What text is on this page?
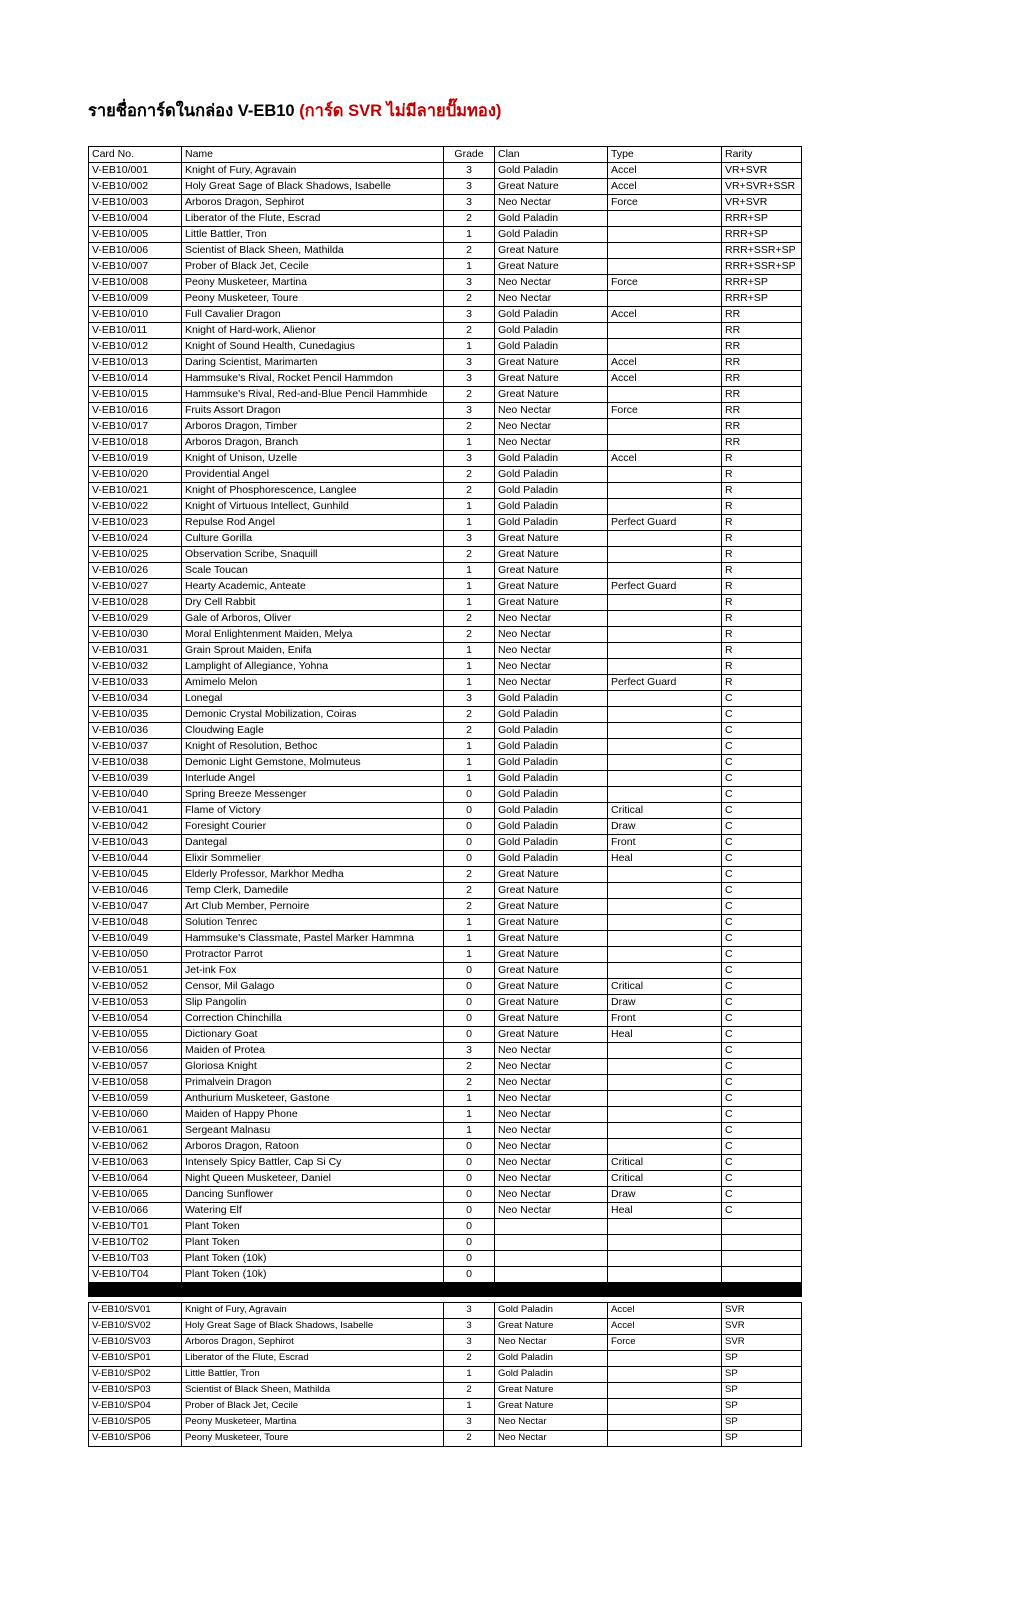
รายชื่อการ์ดในกล่อง V-EB10 (การ์ด SVR ไม่มีลายปั๊มทอง)
Card No.	Name	Grade	Clan	Type	Rarity
V-EB10/001	Knight of Fury, Agravain	3	Gold Paladin	Accel	VR+SVR
V-EB10/002	Holy Great Sage of Black Shadows, Isabelle	3	Great Nature	Accel	VR+SVR+SSR
V-EB10/003	Arboros Dragon, Sephirot	3	Neo Nectar	Force	VR+SVR
V-EB10/004	Liberator of the Flute, Escrad	2	Gold Paladin		RRR+SP
V-EB10/005	Little Battler, Tron	1	Gold Paladin		RRR+SP
V-EB10/006	Scientist of Black Sheen, Mathilda	2	Great Nature		RRR+SSR+SP
V-EB10/007	Prober of Black Jet, Cecile	1	Great Nature		RRR+SSR+SP
V-EB10/008	Peony Musketeer, Martina	3	Neo Nectar	Force	RRR+SP
V-EB10/009	Peony Musketeer, Toure	2	Neo Nectar		RRR+SP
V-EB10/010	Full Cavalier Dragon	3	Gold Paladin	Accel	RR
V-EB10/011	Knight of Hard-work, Alienor	2	Gold Paladin		RR
V-EB10/012	Knight of Sound Health, Cunedagius	1	Gold Paladin		RR
V-EB10/013	Daring Scientist, Marimarten	3	Great Nature	Accel	RR
V-EB10/014	Hammsuke's Rival, Rocket Pencil Hammdon	3	Great Nature	Accel	RR
V-EB10/015	Hammsuke's Rival, Red-and-Blue Pencil Hammhide	2	Great Nature		RR
V-EB10/016	Fruits Assort Dragon	3	Neo Nectar	Force	RR
V-EB10/017	Arboros Dragon, Timber	2	Neo Nectar		RR
V-EB10/018	Arboros Dragon, Branch	1	Neo Nectar		RR
V-EB10/019	Knight of Unison, Uzelle	3	Gold Paladin	Accel	R
V-EB10/020	Providential Angel	2	Gold Paladin		R
V-EB10/021	Knight of Phosphorescence, Langlee	2	Gold Paladin		R
V-EB10/022	Knight of Virtuous Intellect, Gunhild	1	Gold Paladin		R
V-EB10/023	Repulse Rod Angel	1	Gold Paladin	Perfect Guard	R
V-EB10/024	Culture Gorilla	3	Great Nature		R
V-EB10/025	Observation Scribe, Snaquill	2	Great Nature		R
V-EB10/026	Scale Toucan	1	Great Nature		R
V-EB10/027	Hearty Academic, Anteate	1	Great Nature	Perfect Guard	R
V-EB10/028	Dry Cell Rabbit	1	Great Nature		R
V-EB10/029	Gale of Arboros, Oliver	2	Neo Nectar		R
V-EB10/030	Moral Enlightenment Maiden, Melya	2	Neo Nectar		R
V-EB10/031	Grain Sprout Maiden, Enifa	1	Neo Nectar		R
V-EB10/032	Lamplight of Allegiance, Yohna	1	Neo Nectar		R
V-EB10/033	Amimelo Melon	1	Neo Nectar	Perfect Guard	R
V-EB10/034	Lonegal	3	Gold Paladin		C
V-EB10/035	Demonic Crystal Mobilization, Coiras	2	Gold Paladin		C
V-EB10/036	Cloudwing Eagle	2	Gold Paladin		C
V-EB10/037	Knight of Resolution, Bethoc	1	Gold Paladin		C
V-EB10/038	Demonic Light Gemstone, Molmuteus	1	Gold Paladin		C
V-EB10/039	Interlude Angel	1	Gold Paladin		C
V-EB10/040	Spring Breeze Messenger	0	Gold Paladin		C
V-EB10/041	Flame of Victory	0	Gold Paladin	Critical	C
V-EB10/042	Foresight Courier	0	Gold Paladin	Draw	C
V-EB10/043	Dantegal	0	Gold Paladin	Front	C
V-EB10/044	Elixir Sommelier	0	Gold Paladin	Heal	C
V-EB10/045	Elderly Professor, Markhor Medha	2	Great Nature		C
V-EB10/046	Temp Clerk, Damedile	2	Great Nature		C
V-EB10/047	Art Club Member, Pernoire	2	Great Nature		C
V-EB10/048	Solution Tenrec	1	Great Nature		C
V-EB10/049	Hammsuke's Classmate, Pastel Marker Hammna	1	Great Nature		C
V-EB10/050	Protractor Parrot	1	Great Nature		C
V-EB10/051	Jet-ink Fox	0	Great Nature		C
V-EB10/052	Censor, Mil Galago	0	Great Nature	Critical	C
V-EB10/053	Slip Pangolin	0	Great Nature	Draw	C
V-EB10/054	Correction Chinchilla	0	Great Nature	Front	C
V-EB10/055	Dictionary Goat	0	Great Nature	Heal	C
V-EB10/056	Maiden of Protea	3	Neo Nectar		C
V-EB10/057	Gloriosa Knight	2	Neo Nectar		C
V-EB10/058	Primalvein Dragon	2	Neo Nectar		C
V-EB10/059	Anthurium Musketeer, Gastone	1	Neo Nectar		C
V-EB10/060	Maiden of Happy Phone	1	Neo Nectar		C
V-EB10/061	Sergeant Malnasu	1	Neo Nectar		C
V-EB10/062	Arboros Dragon, Ratoon	0	Neo Nectar		C
V-EB10/063	Intensely Spicy Battler, Cap Si Cy	0	Neo Nectar	Critical	C
V-EB10/064	Night Queen Musketeer, Daniel	0	Neo Nectar	Critical	C
V-EB10/065	Dancing Sunflower	0	Neo Nectar	Draw	C
V-EB10/066	Watering Elf	0	Neo Nectar	Heal	C
V-EB10/T01	Plant Token	0			
V-EB10/T02	Plant Token	0			
V-EB10/T03	Plant Token (10k)	0			
V-EB10/T04	Plant Token (10k)	0			

V-EB10/SV01	Knight of Fury, Agravain	3	Gold Paladin	Accel	SVR
V-EB10/SV02	Holy Great Sage of Black Shadows, Isabelle	3	Great Nature	Accel	SVR
V-EB10/SV03	Arboros Dragon, Sephirot	3	Neo Nectar	Force	SVR
V-EB10/SP01	Liberator of the Flute, Escrad	2	Gold Paladin		SP
V-EB10/SP02	Little Battler, Tron	1	Gold Paladin		SP
V-EB10/SP03	Scientist of Black Sheen, Mathilda	2	Great Nature		SP
V-EB10/SP04	Prober of Black Jet, Cecile	1	Great Nature		SP
V-EB10/SP05	Peony Musketeer, Martina	3	Neo Nectar		SP
V-EB10/SP06	Peony Musketeer, Toure	2	Neo Nectar		SP
